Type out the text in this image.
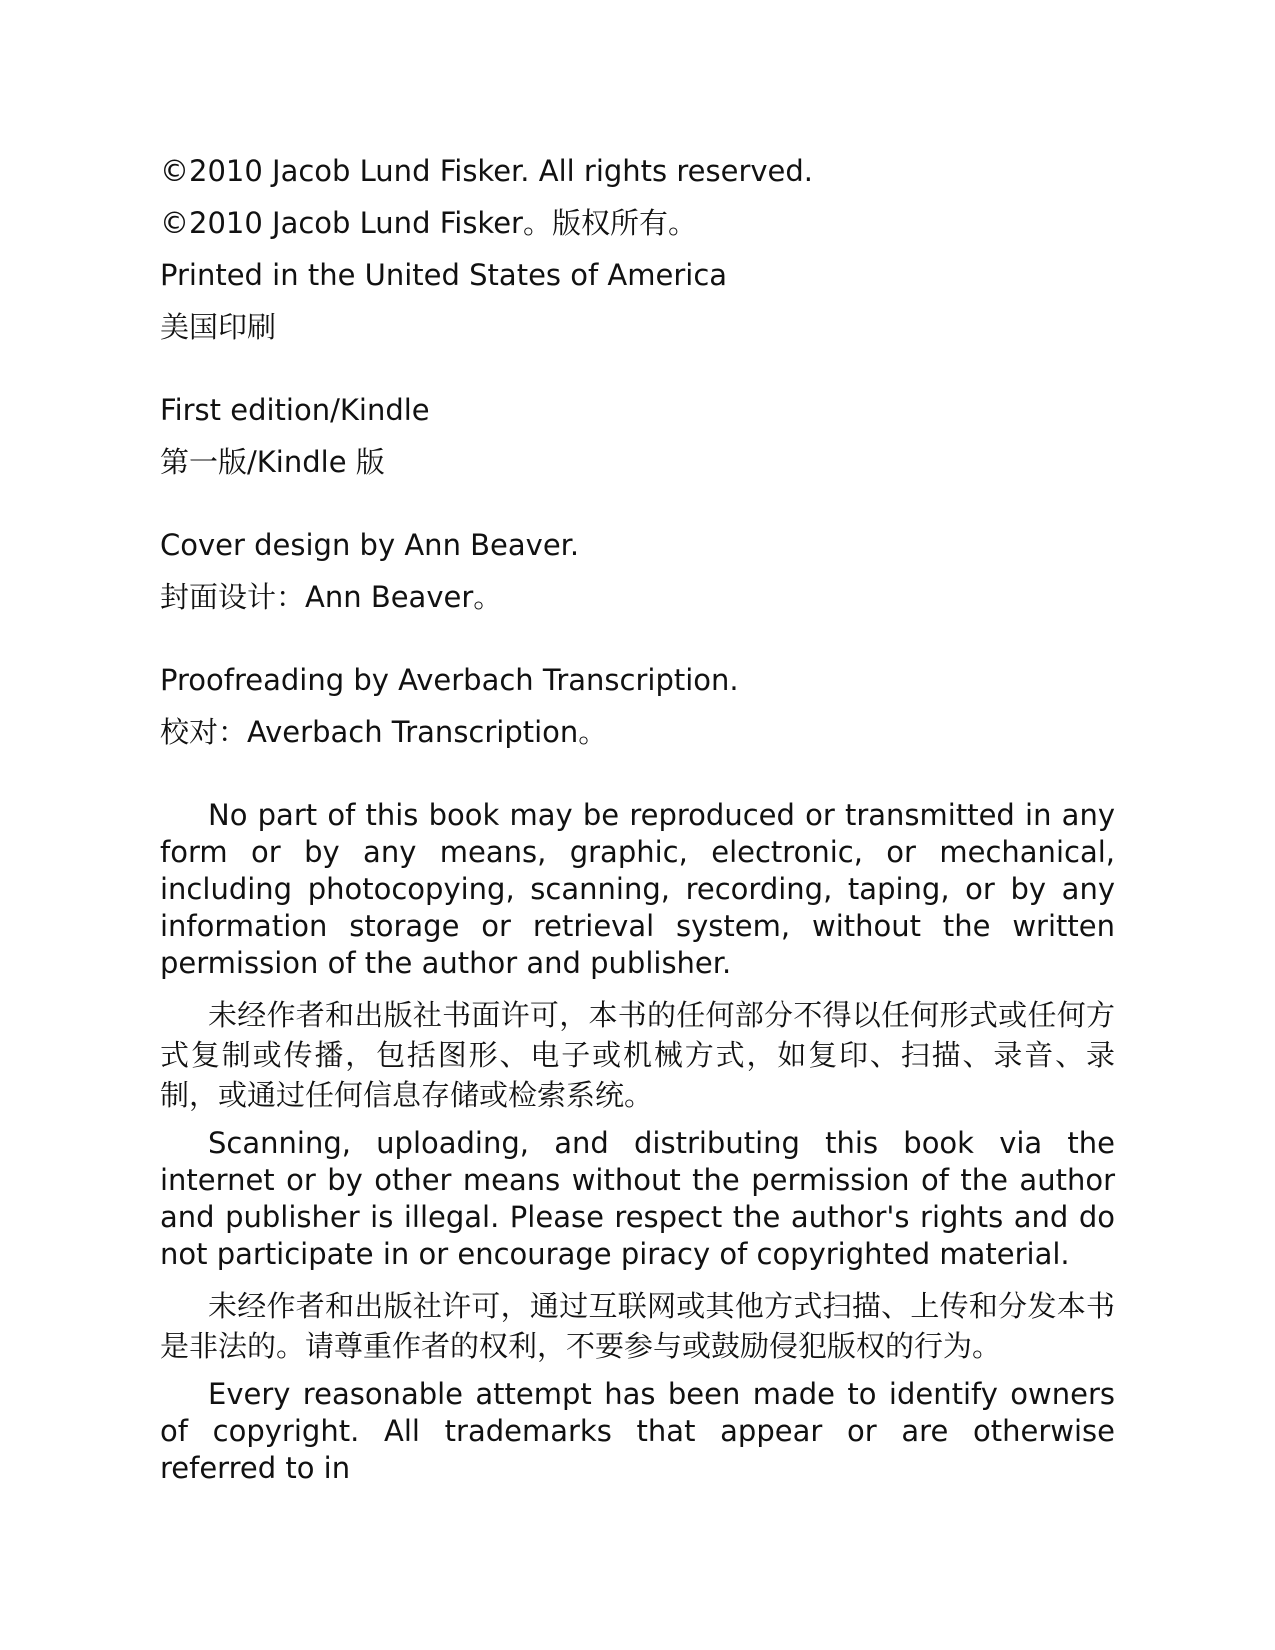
©2010 Jacob Lund Fisker. All rights reserved.

©2010 Jacob Lund Fisker。版权所有。

Printed in the United States of America

美国印刷

First edition/Kindle

第一版/Kindle 版

Cover design by Ann Beaver.

封面设计：Ann Beaver。

Proofreading by Averbach Transcription.

校对：Averbach Transcription。

No part of this book may be reproduced or transmitted in any form or by any means, graphic, electronic, or mechanical, including photocopying, scanning, recording, taping, or by any information storage or retrieval system, without the written permission of the author and publisher.

未经作者和出版社书面许可，本书的任何部分不得以任何形式或任何方式复制或传播，包括图形、电子或机械方式，如复印、扫描、录音、录制，或通过任何信息存储或检索系统。

Scanning, uploading, and distributing this book via the internet or by other means without the permission of the author and publisher is illegal. Please respect the author's rights and do not participate in or encourage piracy of copyrighted material.

未经作者和出版社许可，通过互联网或其他方式扫描、上传和分发本书是非法的。请尊重作者的权利，不要参与或鼓励侵犯版权的行为。

Every reasonable attempt has been made to identify owners of copyright. All trademarks that appear or are otherwise referred to in
